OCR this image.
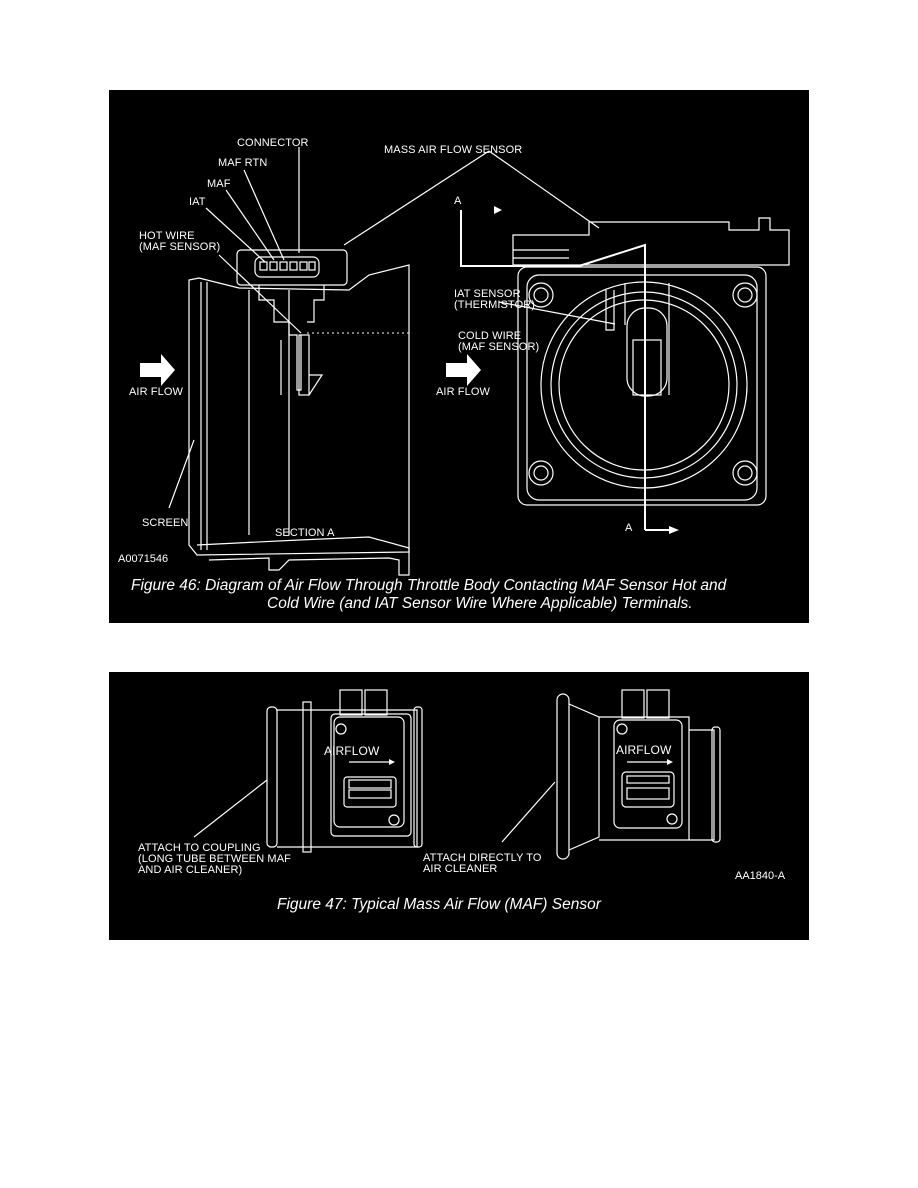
CONNECTOR
MAF RTN
MAF
IAT
HOT WIRE
(MAF SENSOR)
MASS AIR FLOW SENSOR
A
A
IAT SENSOR
(THERMISTOR)
COLD WIRE
(MAF SENSOR)
AIR FLOW	AIR FLOW
SCREEN
SECTION A
A0071546
Figure 46: Diagram of Air Flow Through Throttle Body Contacting MAF Sensor Hot and
Cold Wire (and IAT Sensor Wire Where Applicable) Terminals.
AIRFLOW	AIRFLOW
ATTACH TO COUPLING
(LONG TUBE BETWEEN MAF
AND AIR CLEANER)
ATTACH DIRECTLY TO
AIR CLEANER
AA1840-A
Figure 47: Typical Mass Air Flow (MAF) Sensor
